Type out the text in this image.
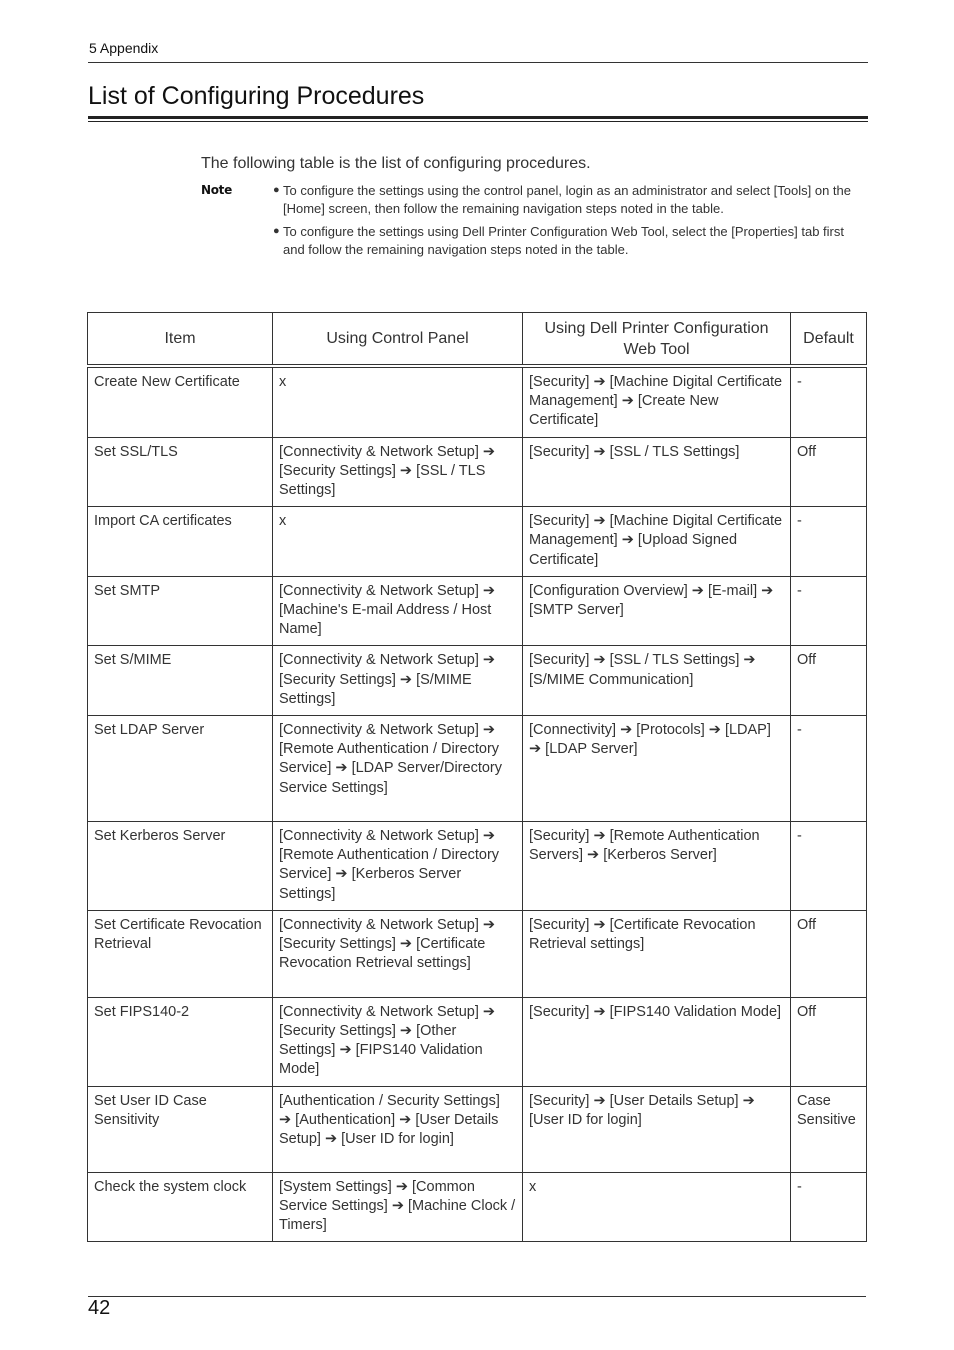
5 Appendix
List of Configuring Procedures
The following table is the list of configuring procedures.
Note	● To configure the settings using the control panel, login as an administrator and select [Tools] on the [Home] screen, then follow the remaining navigation steps noted in the table.
● To configure the settings using Dell Printer Configuration Web Tool, select the [Properties] tab first and follow the remaining navigation steps noted in the table.
Item	Using Control Panel	Using Dell Printer Configuration Web Tool	Default
Create New Certificate	x	[Security] ➔ [Machine Digital Certificate Management] ➔ [Create New Certificate]	-
Set SSL/TLS	[Connectivity & Network Setup] ➔ [Security Settings] ➔ [SSL / TLS Settings]	[Security] ➔ [SSL / TLS Settings]	Off
Import CA certificates	x	[Security] ➔ [Machine Digital Certificate Management] ➔ [Upload Signed Certificate]	-
Set SMTP	[Connectivity & Network Setup] ➔ [Machine's E-mail Address / Host Name]	[Configuration Overview] ➔ [E-mail] ➔ [SMTP Server]	-
Set S/MIME	[Connectivity & Network Setup] ➔ [Security Settings] ➔ [S/MIME Settings]	[Security] ➔ [SSL / TLS Settings] ➔ [S/MIME Communication]	Off
Set LDAP Server	[Connectivity & Network Setup] ➔ [Remote Authentication / Directory Service] ➔ [LDAP Server/Directory Service Settings]	[Connectivity] ➔ [Protocols] ➔ [LDAP] ➔ [LDAP Server]	-
Set Kerberos Server	[Connectivity & Network Setup] ➔ [Remote Authentication / Directory Service] ➔ [Kerberos Server Settings]	[Security] ➔ [Remote Authentication Servers] ➔ [Kerberos Server]	-
Set Certificate Revocation Retrieval	[Connectivity & Network Setup] ➔ [Security Settings] ➔ [Certificate Revocation Retrieval settings]	[Security] ➔ [Certificate Revocation Retrieval settings]	Off
Set FIPS140-2	[Connectivity & Network Setup] ➔ [Security Settings] ➔ [Other Settings] ➔ [FIPS140 Validation Mode]	[Security] ➔ [FIPS140 Validation Mode]	Off
Set User ID Case Sensitivity	[Authentication / Security Settings] ➔ [Authentication] ➔ [User Details Setup] ➔ [User ID for login]	[Security] ➔ [User Details Setup] ➔ [User ID for login]	Case Sensitive
Check the system clock	[System Settings] ➔ [Common Service Settings] ➔ [Machine Clock / Timers]	x	-
42
